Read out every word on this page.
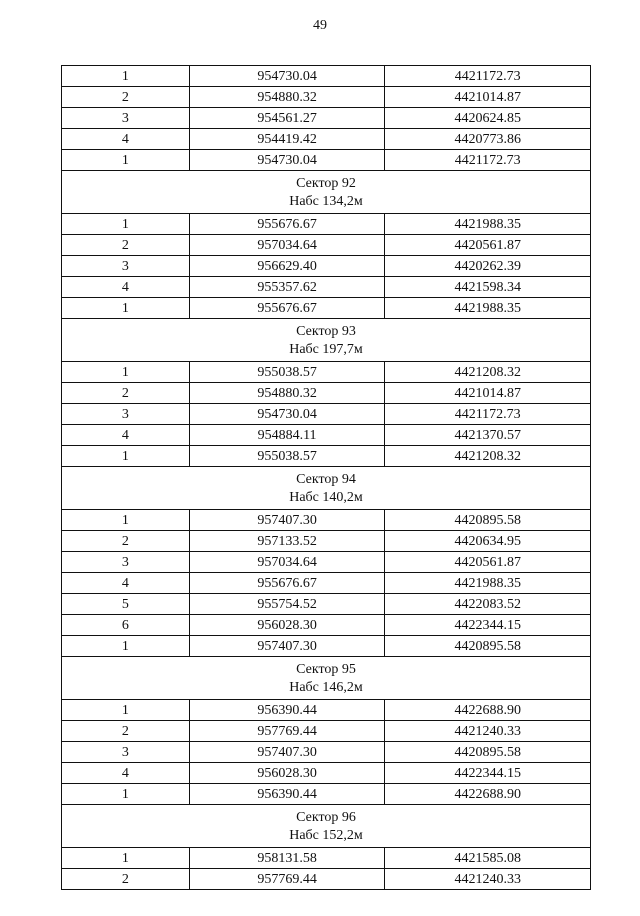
49
1	954730.04	4421172.73
2	954880.32	4421014.87
3	954561.27	4420624.85
4	954419.42	4420773.86
1	954730.04	4421172.73

Сектор 92
Набс 134,2м		

1	955676.67	4421988.35
2	957034.64	4420561.87
3	956629.40	4420262.39
4	955357.62	4421598.34
1	955676.67	4421988.35

Сектор 93
Набс 197,7м		

1	955038.57	4421208.32
2	954880.32	4421014.87
3	954730.04	4421172.73
4	954884.11	4421370.57
1	955038.57	4421208.32

Сектор 94
Набс 140,2м		

1	957407.30	4420895.58
2	957133.52	4420634.95
3	957034.64	4420561.87
4	955676.67	4421988.35
5	955754.52	4422083.52
6	956028.30	4422344.15
1	957407.30	4420895.58

Сектор 95
Набс 146,2м		

1	956390.44	4422688.90
2	957769.44	4421240.33
3	957407.30	4420895.58
4	956028.30	4422344.15
1	956390.44	4422688.90

Сектор 96
Набс 152,2м		

1	958131.58	4421585.08
2	957769.44	4421240.33
